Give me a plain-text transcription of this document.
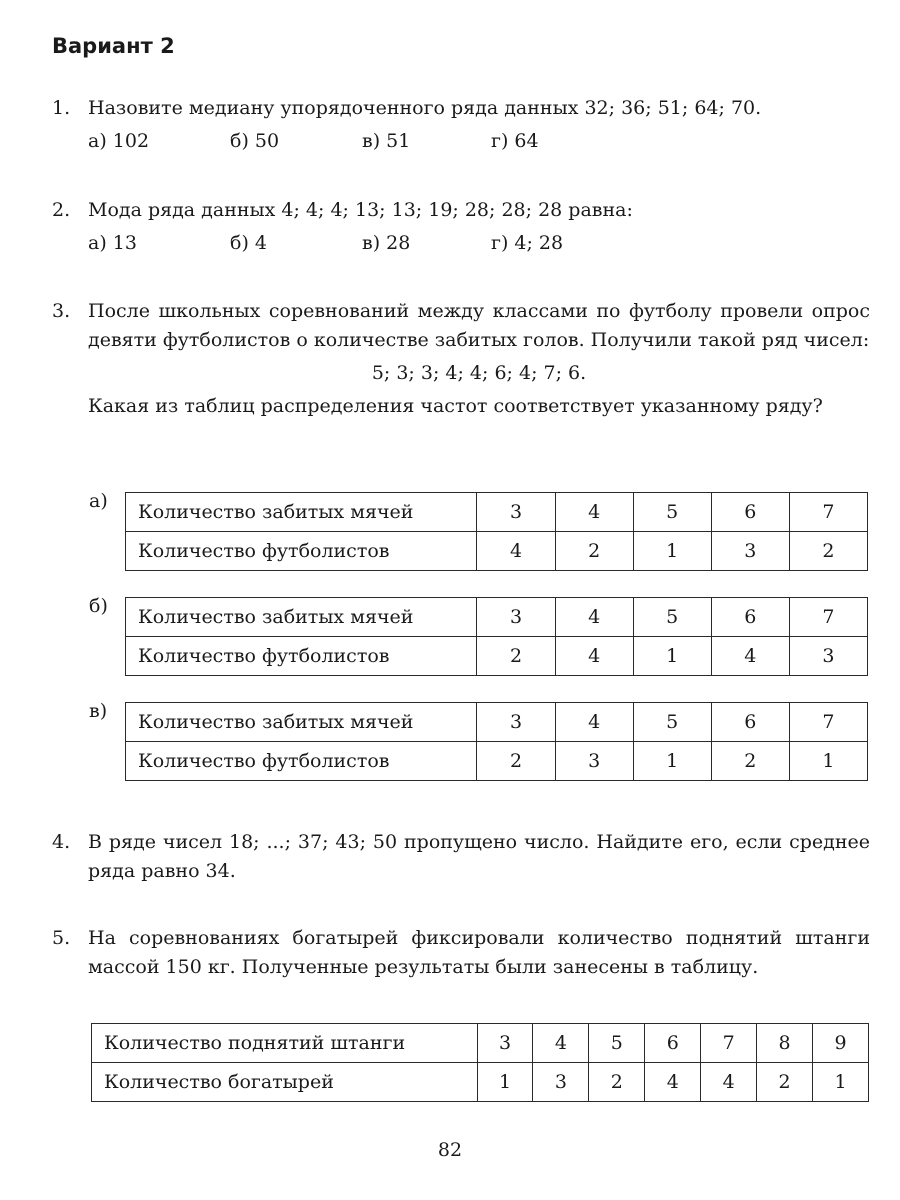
Вариант 2
1. Назовите медиану упорядоченного ряда данных 32; 36; 51; 64; 70.
а) 102	б) 50	в) 51	г) 64
2. Мода ряда данных 4; 4; 4; 13; 13; 19; 28; 28; 28 равна:
а) 13	б) 4	в) 28	г) 4; 28
3. После школьных соревнований между классами по футболу провели опрос девяти футболистов о количестве забитых голов. Получили такой ряд чисел:
5; 3; 3; 4; 4; 6; 4; 7; 6.
Какая из таблиц распределения частот соответствует указанному ряду?
а) Количество забитых мячей	3	4	5	6	7
Количество футболистов	4	2	1	3	2
б) Количество забитых мячей	3	4	5	6	7
Количество футболистов	2	4	1	4	3
в) Количество забитых мячей	3	4	5	6	7
Количество футболистов	2	3	1	2	1
4. В ряде чисел 18; ...; 37; 43; 50 пропущено число. Найдите его, если среднее ряда равно 34.
5. На соревнованиях богатырей фиксировали количество поднятий штанги массой 150 кг. Полученные результаты были занесены в таблицу.
Количество поднятий штанги	3	4	5	6	7	8	9
Количество богатырей	1	3	2	4	4	2	1
82
